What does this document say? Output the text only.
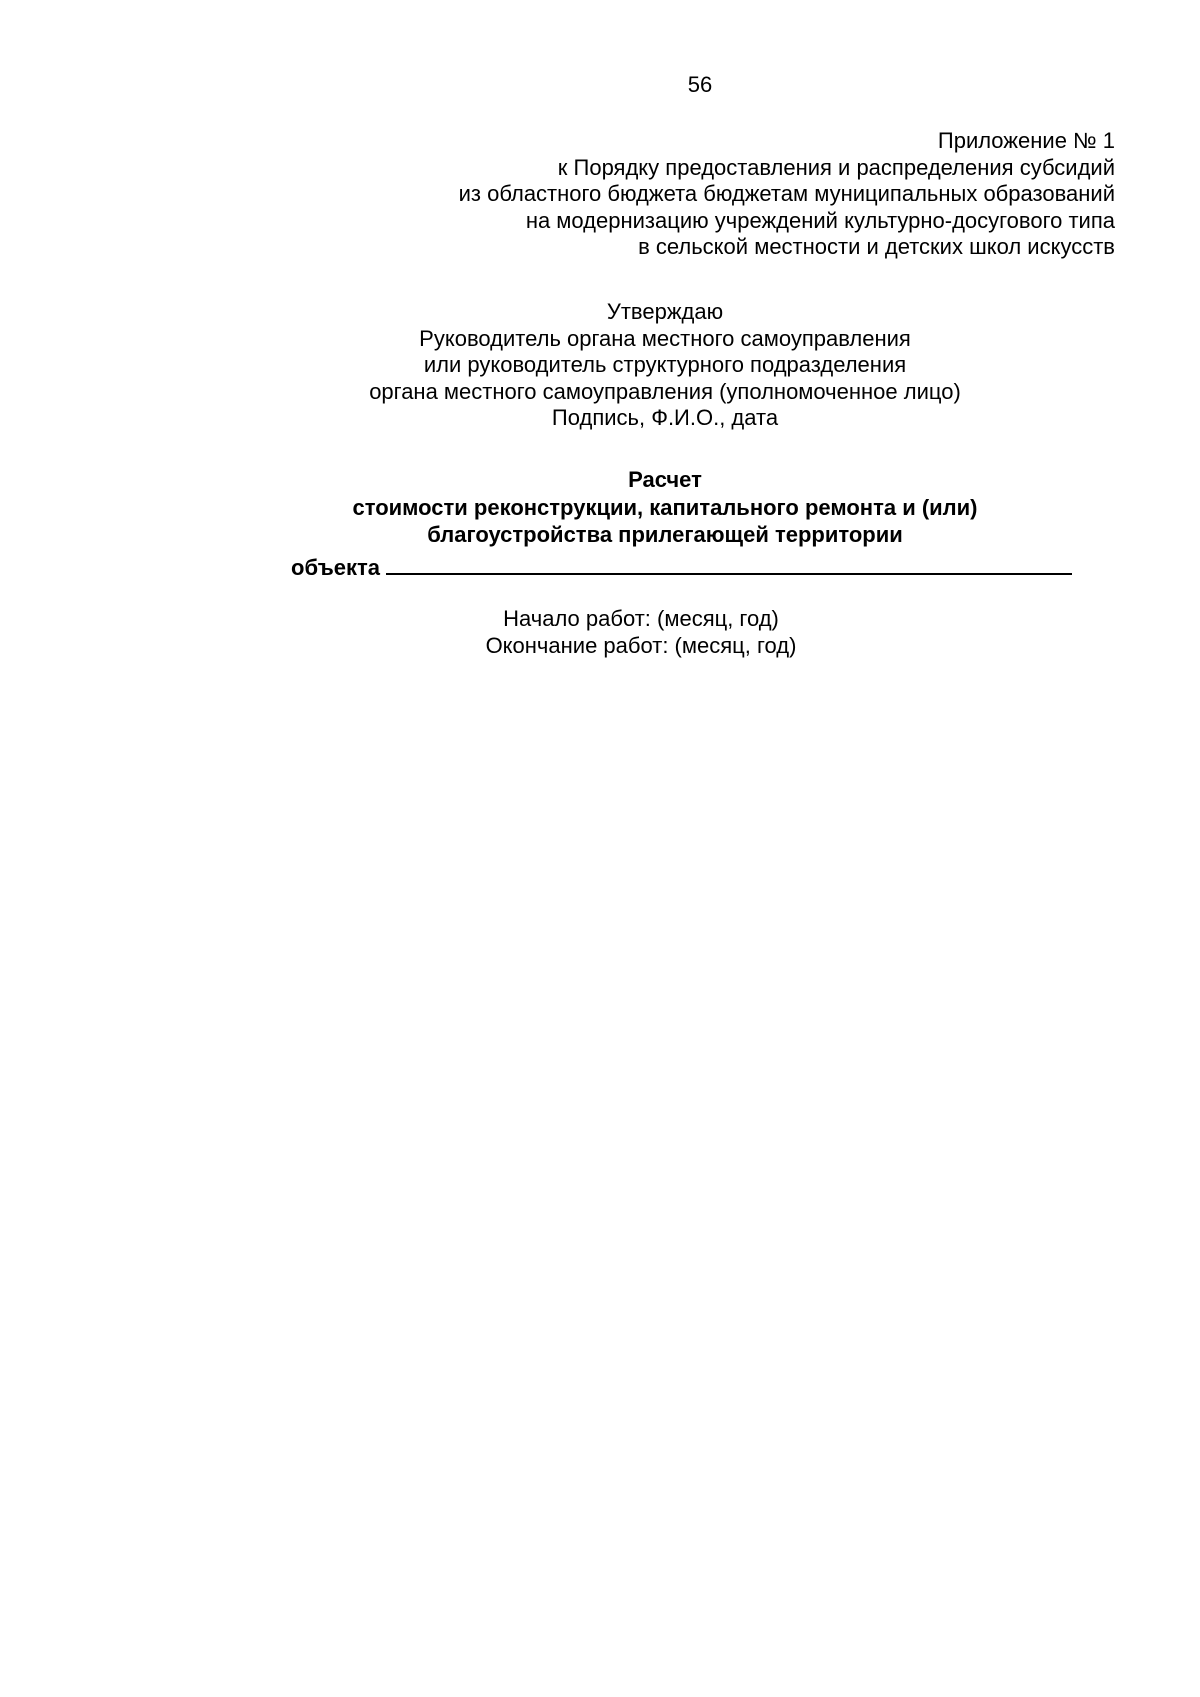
56
Приложение № 1
к Порядку предоставления и распределения субсидий
из областного бюджета бюджетам муниципальных образований
на модернизацию учреждений культурно-досугового типа
в сельской местности и детских школ искусств
Утверждаю
Руководитель органа местного самоуправления
или руководитель структурного подразделения
органа местного самоуправления (уполномоченное лицо)
Подпись, Ф.И.О., дата
Расчет
стоимости реконструкции, капитального ремонта и (или)
благоустройства прилегающей территории
объекта
Начало работ: (месяц, год)
Окончание работ: (месяц, год)
